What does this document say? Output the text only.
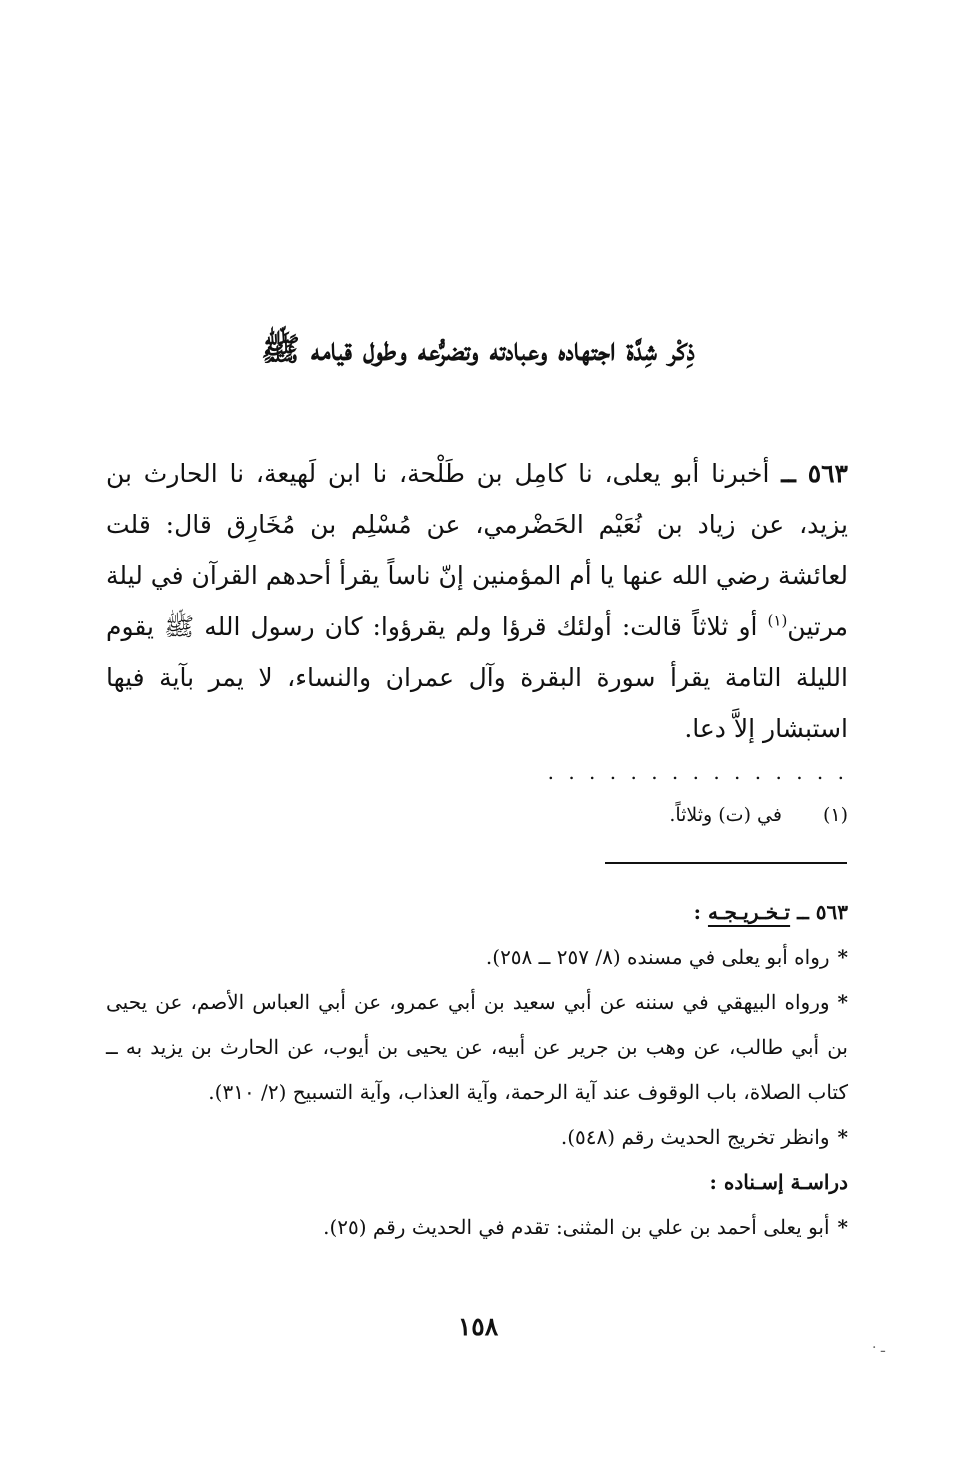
ذِكْر شِدَّة اجتهاده وعبادته وتضرُّعه وطول قيامه ﷺ

٥٦٣ ــ أخبرنا أبو يعلى، نا كامِل بن طَلْحة، نا ابن لَهيعة، نا الحارث بن يزيد، عن زياد بن نُعَيْم الحَضْرمي، عن مُسْلِم بن مُخَارِق قال: قلت لعائشة رضي الله عنها يا أم المؤمنين إنّ ناساً يقرأ أحدهم القرآن في ليلة مرتين$^{(١)}$ أو ثلاثاً قالت: أولئك قرؤا ولم يقرؤوا: كان رسول الله ﷺ يقوم الليلة التامة يقرأ سورة البقرة وآل عمران والنساء، لا يمر بآية فيها استبشار إلاَّ دعا.

. . . . . . . . . . . . . . .
(١) في (ت) وثلاثاً.

٥٦٣ ــ تـخـريـجـه :

*رواه أبو يعلى في مسنده (٨/ ٢٥٧ ــ ٢٥٨).

*ورواه البيهقي في سننه عن أبي سعيد بن أبي عمرو، عن أبي العباس الأصم، عن يحيى بن أبي طالب، عن وهب بن جرير عن أبيه، عن يحيى بن أيوب، عن الحارث بن يزيد به ــ كتاب الصلاة، باب الوقوف عند آية الرحمة، وآية العذاب، وآية التسبيح (٢/ ٣١٠).

*وانظر تخريج الحديث رقم (٥٤٨).

دراسـة إسـناده :

*أبو يعلى أحمد بن علي بن المثنى: تقدم في الحديث رقم (٢٥).

١٥٨
· ـ
